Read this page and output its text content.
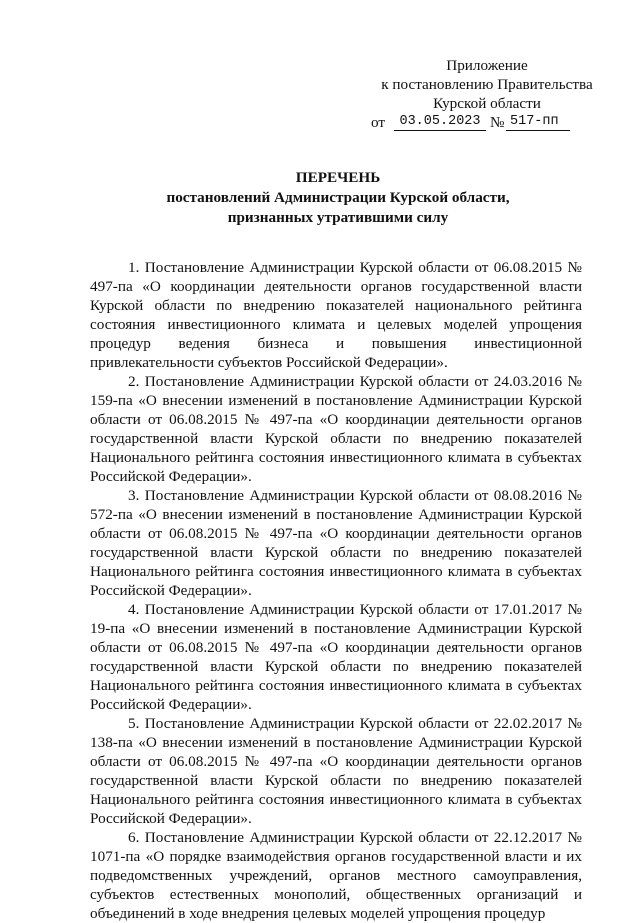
Приложение
к постановлению Правительства
Курской области
от	03.05.2023 № 517-пп
ПЕРЕЧЕНЬ
постановлений Администрации Курской области,
признанных утратившими силу

1. Постановление Администрации Курской области от 06.08.2015 № 497-па «О координации деятельности органов государственной власти Курской области по внедрению показателей национального рейтинга состояния инвестиционного климата и целевых моделей упрощения процедур ведения бизнеса и повышения инвестиционной привлекательности субъектов Российской Федерации».

2. Постановление Администрации Курской области от 24.03.2016 № 159-па «О внесении изменений в постановление Администрации Курской области от 06.08.2015 № 497-па «О координации деятельности органов государственной власти Курской области по внедрению показателей Национального рейтинга состояния инвестиционного климата в субъектах Российской Федерации».

3. Постановление Администрации Курской области от 08.08.2016 № 572-па «О внесении изменений в постановление Администрации Курской области от 06.08.2015 № 497-па «О координации деятельности органов государственной власти Курской области по внедрению показателей Национального рейтинга состояния инвестиционного климата в субъектах Российской Федерации».

4. Постановление Администрации Курской области от 17.01.2017 № 19-па «О внесении изменений в постановление Администрации Курской области от 06.08.2015 № 497-па «О координации деятельности органов государственной власти Курской области по внедрению показателей Национального рейтинга состояния инвестиционного климата в субъектах Российской Федерации».

5. Постановление Администрации Курской области от 22.02.2017 № 138-па «О внесении изменений в постановление Администрации Курской области от 06.08.2015 № 497-па «О координации деятельности органов государственной власти Курской области по внедрению показателей Национального рейтинга состояния инвестиционного климата в субъектах Российской Федерации».

6. Постановление Администрации Курской области от 22.12.2017 № 1071-па «О порядке взаимодействия органов государственной власти и их подведомственных учреждений, органов местного самоуправления, субъектов естественных монополий, общественных организаций и объединений в ходе внедрения целевых моделей упрощения процедур
